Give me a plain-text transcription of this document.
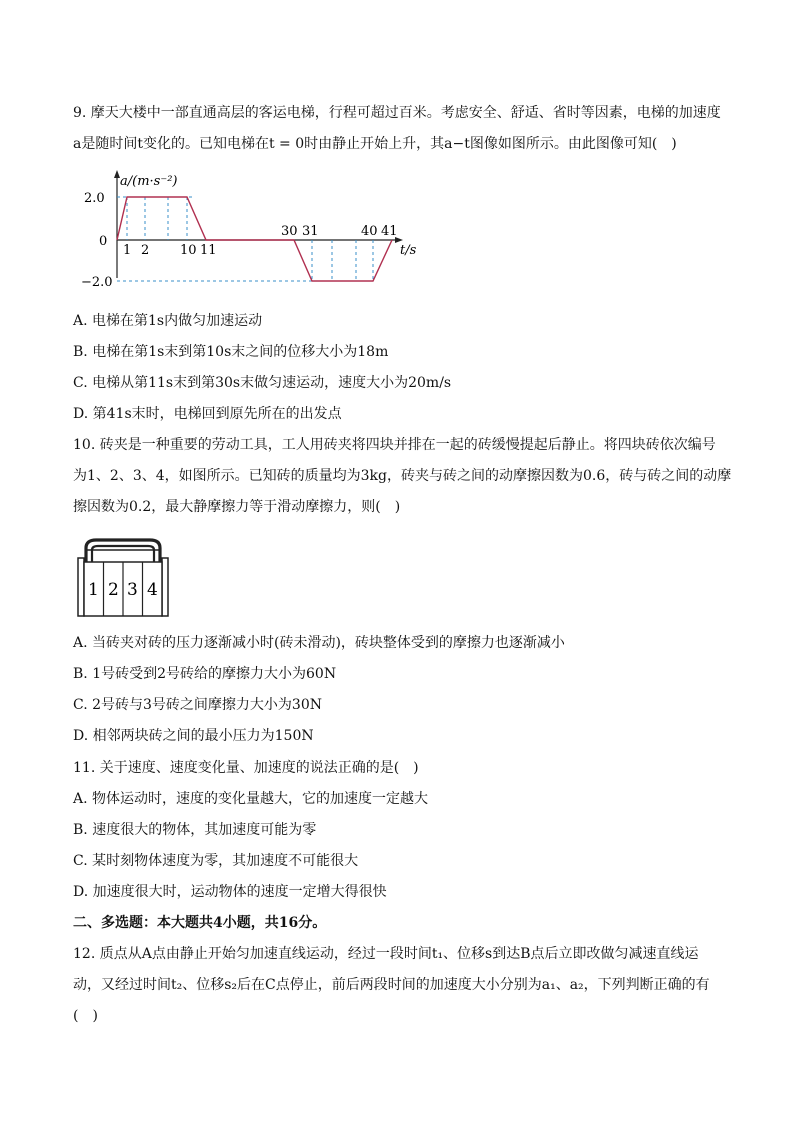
9. 摩天大楼中一部直通高层的客运电梯，行程可超过百米。考虑安全、舒适、省时等因素，电梯的加速度
a是随时间t变化的。已知电梯在t = 0时由静止开始上升，其a−t图像如图所示。由此图像可知(　)
a/(m·s⁻²)
2.0
0
−2.0
1 2 10 11
30 31	40 41
t/s
A. 电梯在第1s内做匀加速运动
B. 电梯在第1s末到第10s末之间的位移大小为18m
C. 电梯从第11s末到第30s末做匀速运动，速度大小为20m/s
D. 第41s末时，电梯回到原先所在的出发点
10. 砖夹是一种重要的劳动工具，工人用砖夹将四块并排在一起的砖缓慢提起后静止。将四块砖依次编号
为1、2、3、4，如图所示。已知砖的质量均为3kg，砖夹与砖之间的动摩擦因数为0.6，砖与砖之间的动摩
擦因数为0.2，最大静摩擦力等于滑动摩擦力，则(　)
1 2 3 4
A. 当砖夹对砖的压力逐渐减小时(砖未滑动)，砖块整体受到的摩擦力也逐渐减小
B. 1号砖受到2号砖给的摩擦力大小为60N
C. 2号砖与3号砖之间摩擦力大小为30N
D. 相邻两块砖之间的最小压力为150N
11. 关于速度、速度变化量、加速度的说法正确的是(　)
A. 物体运动时，速度的变化量越大，它的加速度一定越大
B. 速度很大的物体，其加速度可能为零
C. 某时刻物体速度为零，其加速度不可能很大
D. 加速度很大时，运动物体的速度一定增大得很快
二、多选题：本大题共4小题，共16分。
12. 质点从A点由静止开始匀加速直线运动，经过一段时间t₁、位移s到达B点后立即改做匀减速直线运
动，又经过时间t₂、位移s₂后在C点停止，前后两段时间的加速度大小分别为a₁、a₂，下列判断正确的有
(　)
